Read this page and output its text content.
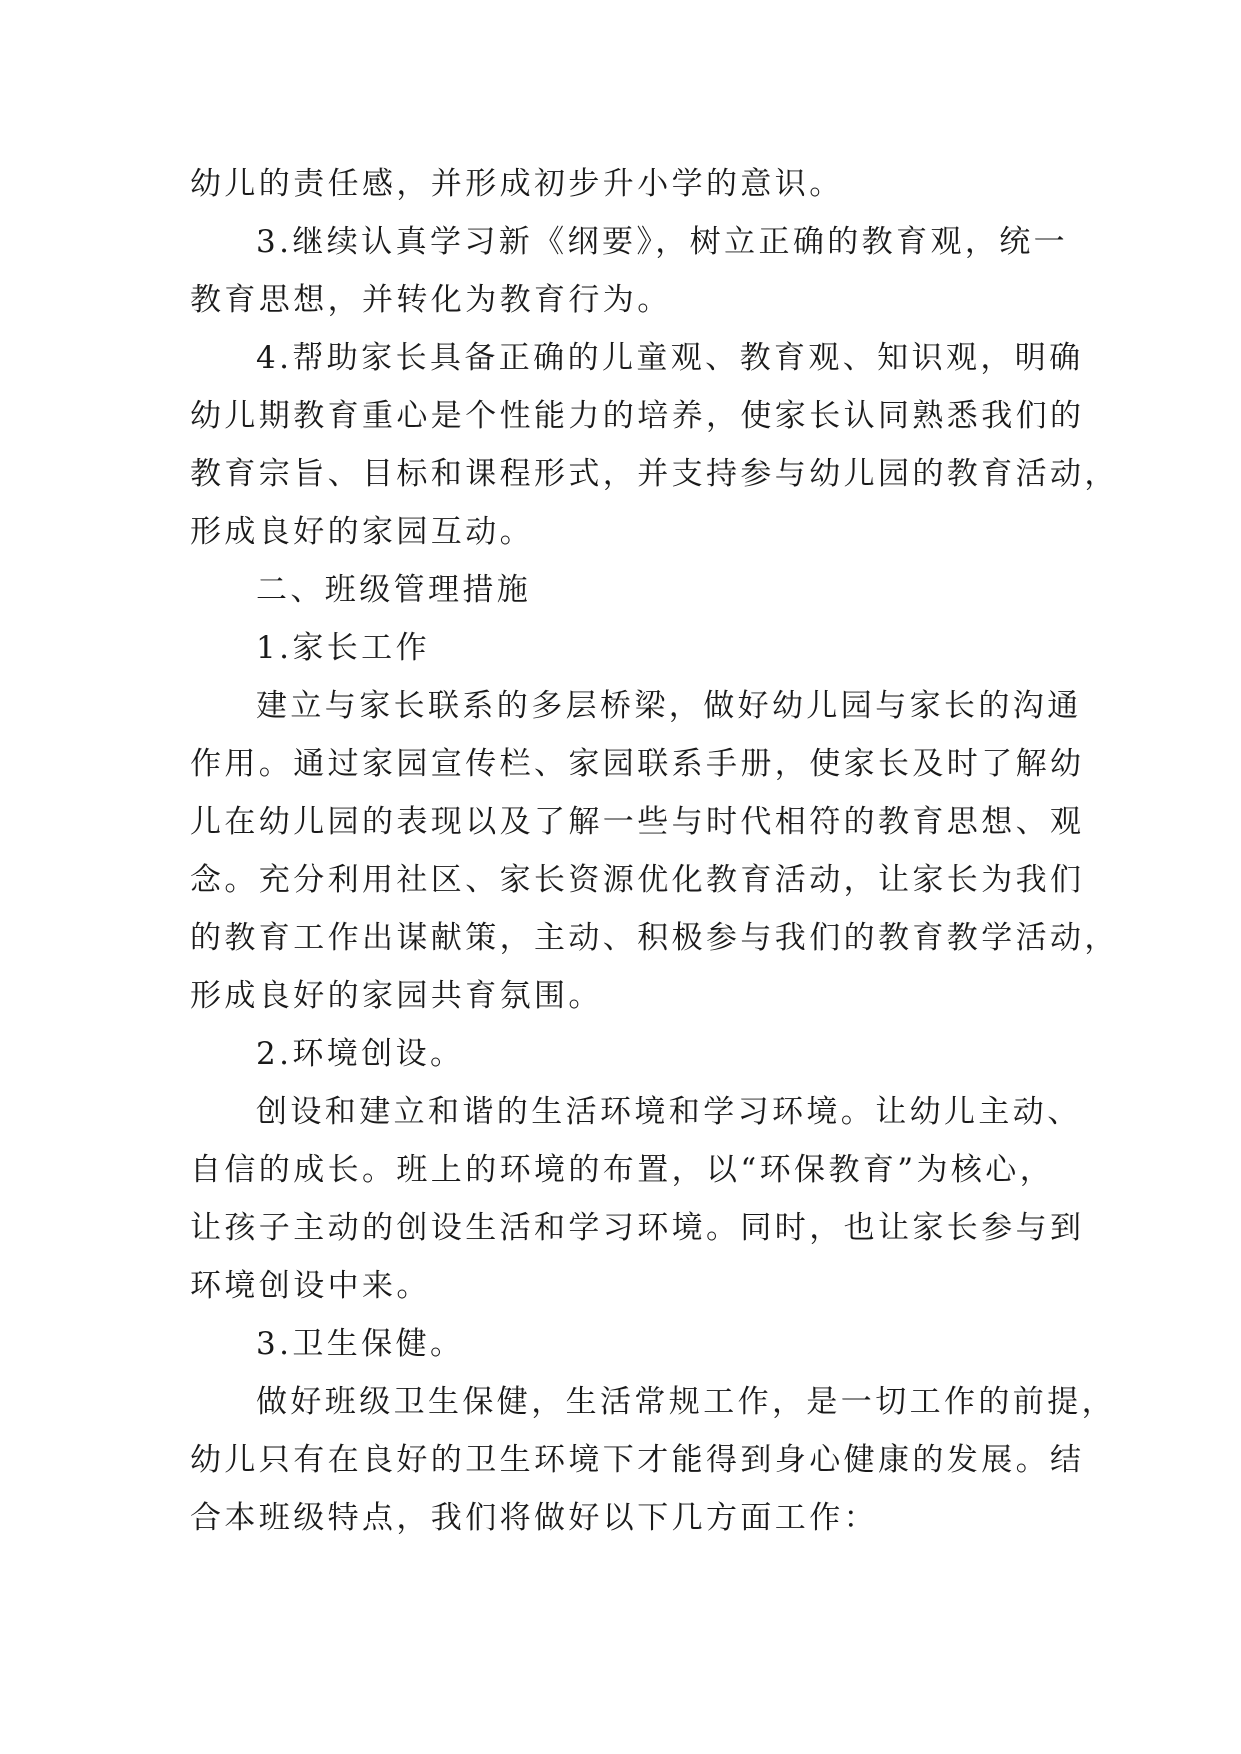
幼儿的责任感，并形成初步升小学的意识。
3.继续认真学习新《纲要》，树立正确的教育观，统一
教育思想，并转化为教育行为。
4.帮助家长具备正确的儿童观、教育观、知识观，明确
幼儿期教育重心是个性能力的培养，使家长认同熟悉我们的
教育宗旨、目标和课程形式，并支持参与幼儿园的教育活动，
形成良好的家园互动。
二、班级管理措施
1.家长工作
建立与家长联系的多层桥梁，做好幼儿园与家长的沟通
作用。通过家园宣传栏、家园联系手册，使家长及时了解幼
儿在幼儿园的表现以及了解一些与时代相符的教育思想、观
念。充分利用社区、家长资源优化教育活动，让家长为我们
的教育工作出谋献策，主动、积极参与我们的教育教学活动，
形成良好的家园共育氛围。
2.环境创设。
创设和建立和谐的生活环境和学习环境。让幼儿主动、
自信的成长。班上的环境的布置，以“环保教育”为核心，
让孩子主动的创设生活和学习环境。同时，也让家长参与到
环境创设中来。
3.卫生保健。
做好班级卫生保健，生活常规工作，是一切工作的前提，
幼儿只有在良好的卫生环境下才能得到身心健康的发展。结
合本班级特点，我们将做好以下几方面工作：
